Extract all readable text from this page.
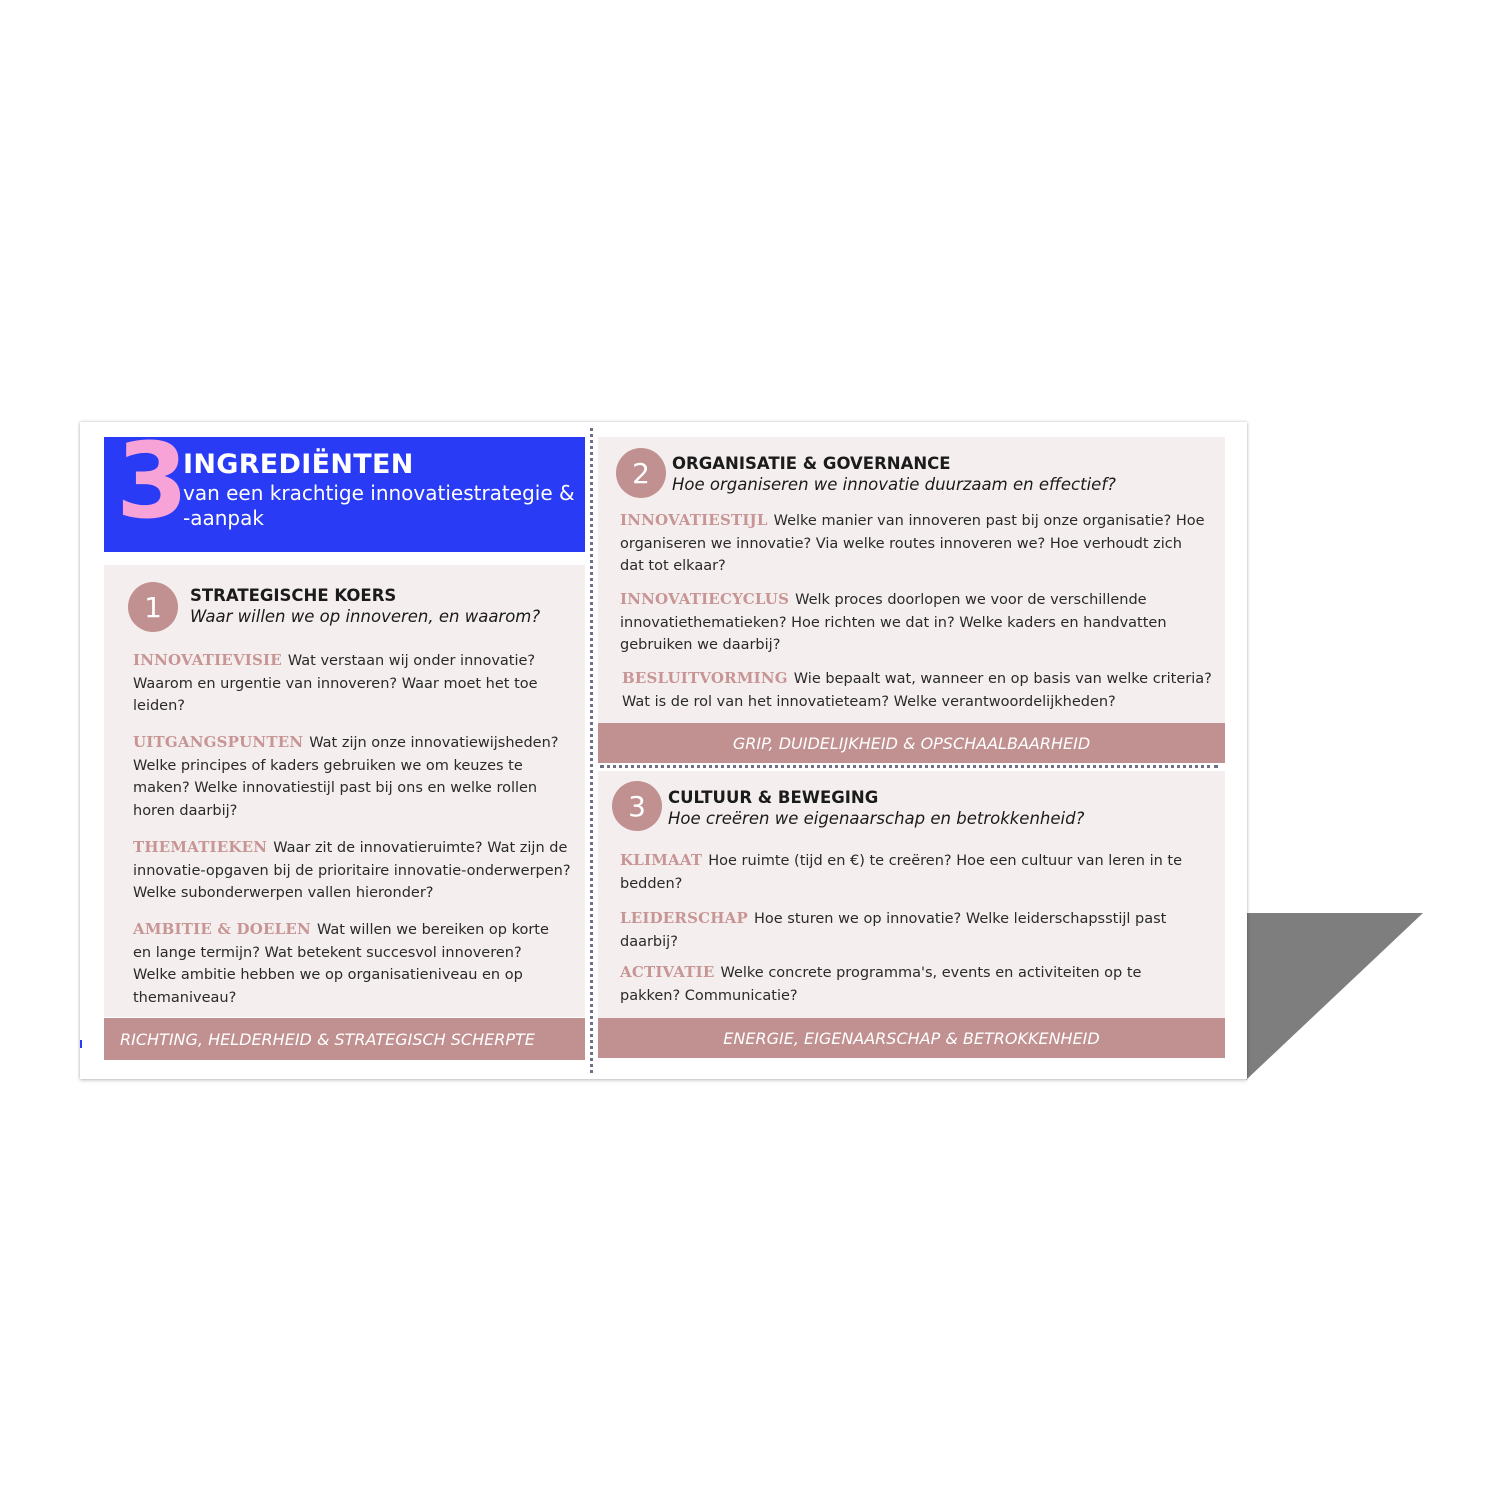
3
INGREDIËNTEN
van een krachtige innovatiestrategie & -aanpak
1	STRATEGISCHE KOERS
Waar willen we op innoveren, en waarom?
INNOVATIEVISIE Wat verstaan wij onder innovatie? Waarom en urgentie van innoveren? Waar moet het toe leiden?
UITGANGSPUNTEN Wat zijn onze innovatiewijsheden? Welke principes of kaders gebruiken we om keuzes te maken? Welke innovatiestijl past bij ons en welke rollen horen daarbij?
THEMATIEKEN Waar zit de innovatieruimte? Wat zijn de innovatie-opgaven bij de prioritaire innovatie-onderwerpen? Welke subonderwerpen vallen hieronder?
AMBITIE & DOELEN Wat willen we bereiken op korte en lange termijn? Wat betekent succesvol innoveren? Welke ambitie hebben we op organisatieniveau en op themaniveau?
RICHTING, HELDERHEID & STRATEGISCH SCHERPTE
2	ORGANISATIE & GOVERNANCE
Hoe organiseren we innovatie duurzaam en effectief?
INNOVATIESTIJL Welke manier van innoveren past bij onze organisatie? Hoe organiseren we innovatie? Via welke routes innoveren we? Hoe verhoudt zich dat tot elkaar?
INNOVATIECYCLUS Welk proces doorlopen we voor de verschillende innovatiethematieken? Hoe richten we dat in? Welke kaders en handvatten gebruiken we daarbij?
BESLUITVORMING Wie bepaalt wat, wanneer en op basis van welke criteria? Wat is de rol van het innovatieteam? Welke verantwoordelijkheden?
GRIP, DUIDELIJKHEID & OPSCHAALBAARHEID
3	CULTUUR & BEWEGING
Hoe creëren we eigenaarschap en betrokkenheid?
KLIMAAT Hoe ruimte (tijd en €) te creëren? Hoe een cultuur van leren in te bedden?
LEIDERSCHAP Hoe sturen we op innovatie? Welke leiderschapsstijl past daarbij?
ACTIVATIE Welke concrete programma's, events en activiteiten op te pakken? Communicatie?
ENERGIE, EIGENAARSCHAP & BETROKKENHEID
